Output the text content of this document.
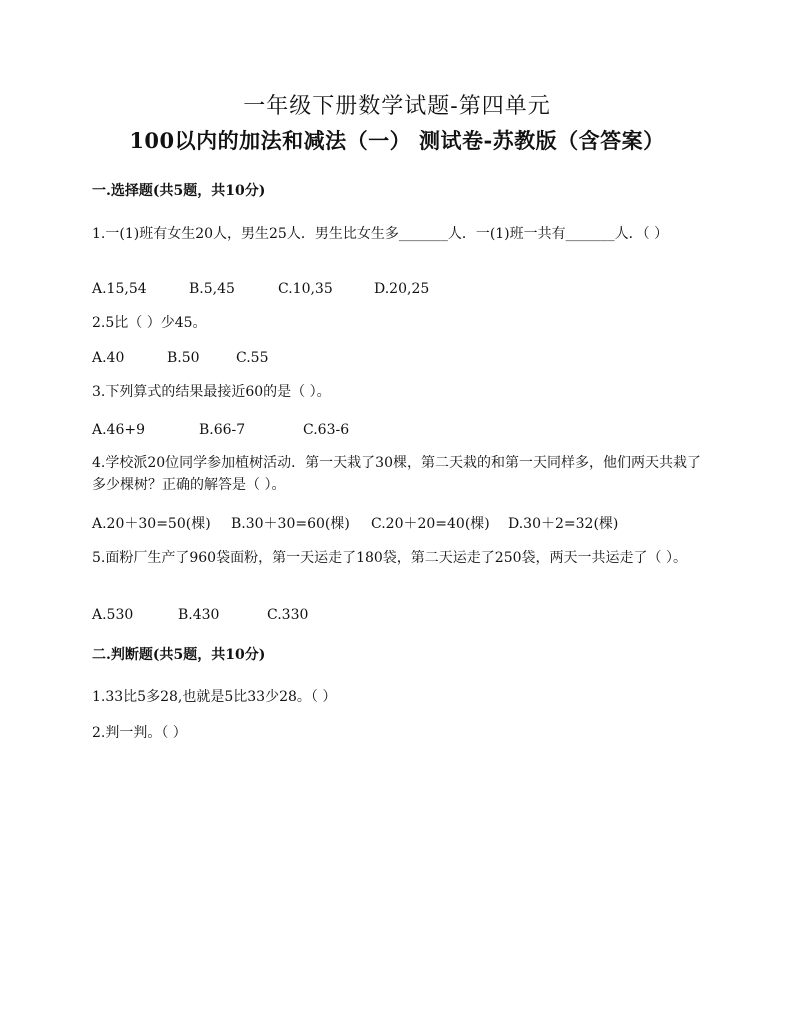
一年级下册数学试题-第四单元
100以内的加法和减法（一） 测试卷-苏教版（含答案）
一.选择题(共5题，共10分)
1.一(1)班有女生20人，男生25人．男生比女生多_______人．一(1)班一共有_______人．（ ）
A.15,54	B.5,45	C.10,35	D.20,25
2.5比（ ）少45。
A.40	B.50	C.55
3.下列算式的结果最接近60的是（ ）。
A.46+9	B.66-7	C.63-6
4.学校派20位同学参加植树活动．第一天栽了30棵，第二天栽的和第一天同样多，他们两天共栽了多少棵树？正确的解答是（ ）。
A.20＋30=50(棵) B.30＋30=60(棵) C.20＋20=40(棵) D.30＋2=32(棵)
5.面粉厂生产了960袋面粉，第一天运走了180袋，第二天运走了250袋，两天一共运走了（ ）。
A.530	B.430	C.330
二.判断题(共5题，共10分)
1.33比5多28,也就是5比33少28。（ ）
2.判一判。（ ）
